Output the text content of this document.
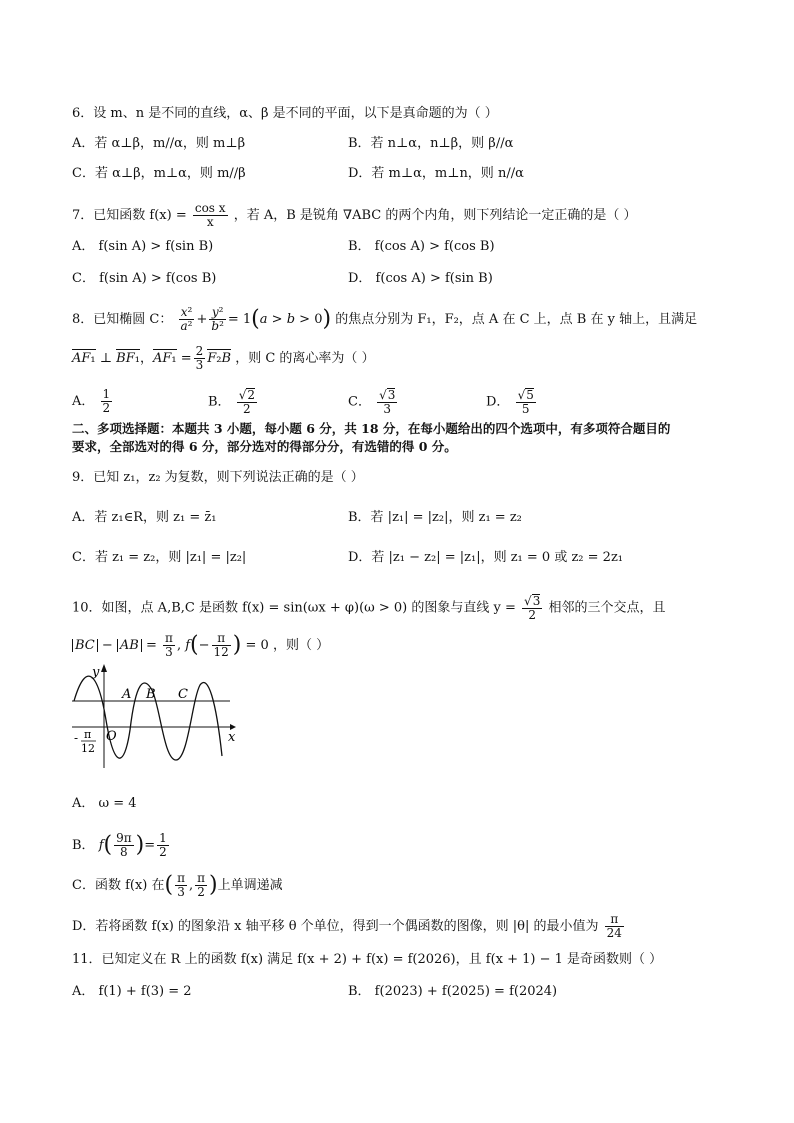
6．设 m、n 是不同的直线，α、β 是不同的平面，以下是真命题的为（ ）
A．若 α⊥β，m//α，则 m⊥β	B．若 n⊥α，n⊥β，则 β//α
C．若 α⊥β，m⊥α，则 m//β	D．若 m⊥α，m⊥n，则 n//α
7．已知函数 $f(x) = \frac{\text{cos x}}{x}$ ，若 A，B 是锐角 ∇ABC 的两个内角，则下列结论一定正确的是（ ）
A． f(sin A) > f(sin B)	B． f(cos A) > f(cos B)
C． f(sin A) > f(cos B)	D． f(cos A) > f(sin B)
8．已知椭圆 C： $\frac{\text{x²}}{\text{a²}} + \frac{\text{y²}}{\text{b²}} = 1(a > b > 0)$ 的焦点分别为 F₁，F₂，点 A 在 C 上，点 B 在 y 轴上，且满足
AF₁ ⊥ BF₁，$AF_1 = \frac{2}{3} F_2B$ ，则 C 的离心率为（ ）
A． $\frac{1}{2}$	B． $\frac{√2}{2}$	C． $\frac{√3}{3}$	D． $\frac{√5}{5}$
二、多项选择题：本题共 3 小题，每小题 6 分，共 18 分，在每小题给出的四个选项中，有多项符合题目的
要求，全部选对的得 6 分，部分选对的得部分分，有选错的得 0 分。
9．已知 z₁，z₂ 为复数，则下列说法正确的是（ ）
A．若 z₁∈R，则 z₁ = z̄₁	B．若 |z₁| = |z₂|，则 z₁ = z₂
C．若 z₁ = z₂，则 |z₁| = |z₂|	D．若 |z₁ − z₂| = |z₁|，则 z₁ = 0 或 z₂ = 2z₁
10．如图，点 A,B,C 是函数 f(x) = sin(ωx + φ)(ω > 0) 的图象与直线 $y = \frac{√3}{2}$ 相邻的三个交点，且
BC − AB = $\frac{\pi}{3}$ , $f(- \frac{\pi}{12}$ ) = 0 ，则（ ）
y
x
O
A B C
- π
12
A． ω = 4
B． $f( \frac{9\pi}{8}$ )= $\frac{1}{2}$
C．函数 f(x) 在( $\frac{\pi}{3}$ , $\frac{\pi}{2}$ )上单调递减
D．若将函数 f(x) 的图象沿 x 轴平移 θ 个单位，得到一个偶函数的图像，则 |θ| 的最小值为 $\frac{\pi}{24}$
11．已知定义在 R 上的函数 f(x) 满足 f(x + 2) + f(x) = f(2026)，且 f(x + 1) − 1 是奇函数则（ ）
A． f(1) + f(3) = 2	B． f(2023) + f(2025) = f(2024)
